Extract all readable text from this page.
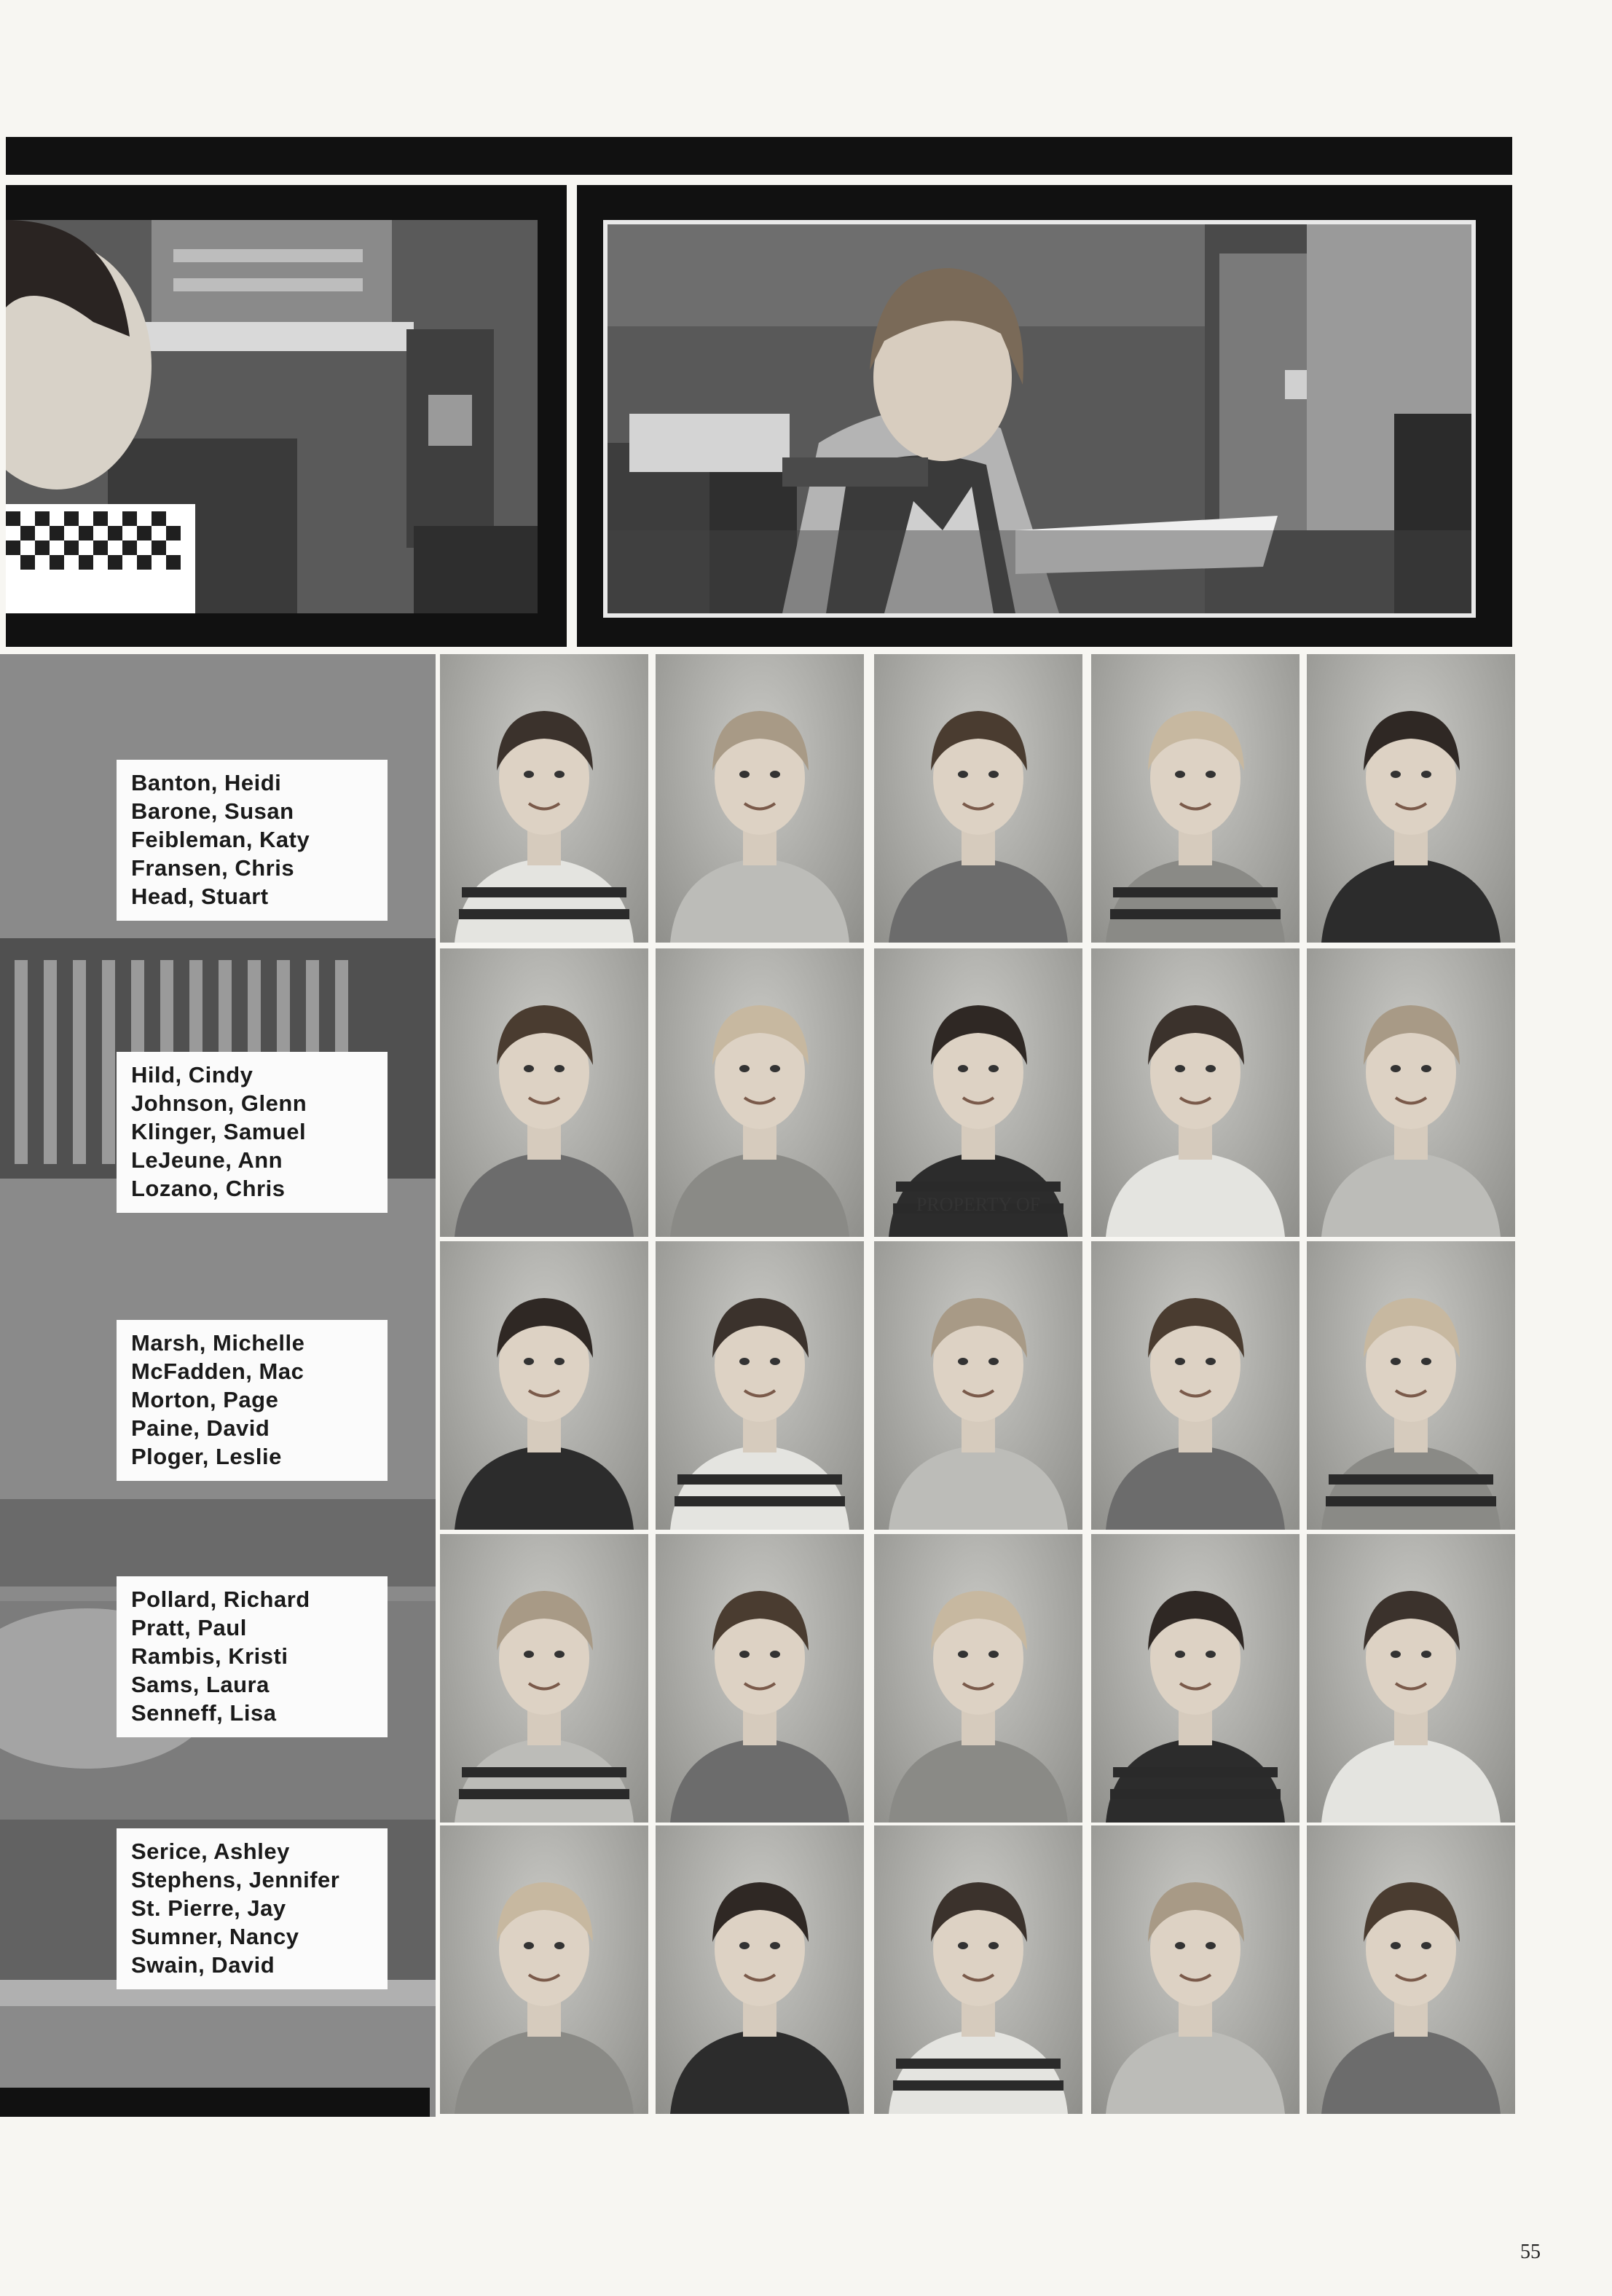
Banton, Heidi
Barone, Susan
Feibleman, Katy
Fransen, Chris
Head, Stuart
Hild, Cindy
Johnson, Glenn
Klinger, Samuel
LeJeune, Ann
Lozano, Chris
Marsh, Michelle
McFadden, Mac
Morton, Page
Paine, David
Ploger, Leslie
Pollard, Richard
Pratt, Paul
Rambis, Kristi
Sams, Laura
Senneff, Lisa
Serice, Ashley
Stephens, Jennifer
St. Pierre, Jay
Sumner, Nancy
Swain, David
PROPERTY OF
55
